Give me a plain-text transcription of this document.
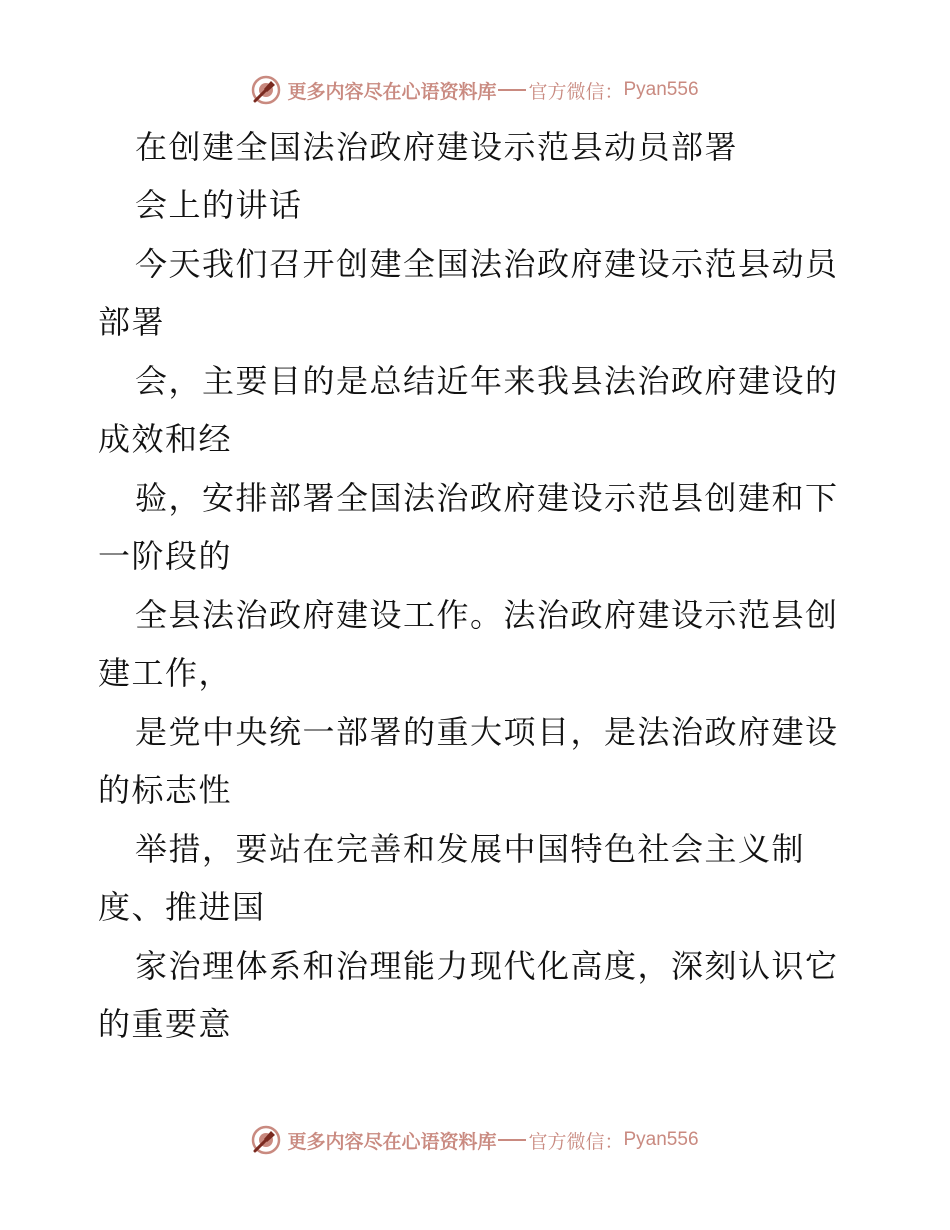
更多内容尽在心语资料库 官方微信： Pyan556
在创建全国法治政府建设示范县动员部署
会上的讲话
今天我们召开创建全国法治政府建设示范县动员
部署
会，主要目的是总结近年来我县法治政府建设的
成效和经
验，安排部署全国法治政府建设示范县创建和下
一阶段的
全县法治政府建设工作。法治政府建设示范县创
建工作，
是党中央统一部署的重大项目，是法治政府建设
的标志性
举措，要站在完善和发展中国特色社会主义制
度、推进国
家治理体系和治理能力现代化高度，深刻认识它
的重要意
更多内容尽在心语资料库 官方微信： Pyan556
